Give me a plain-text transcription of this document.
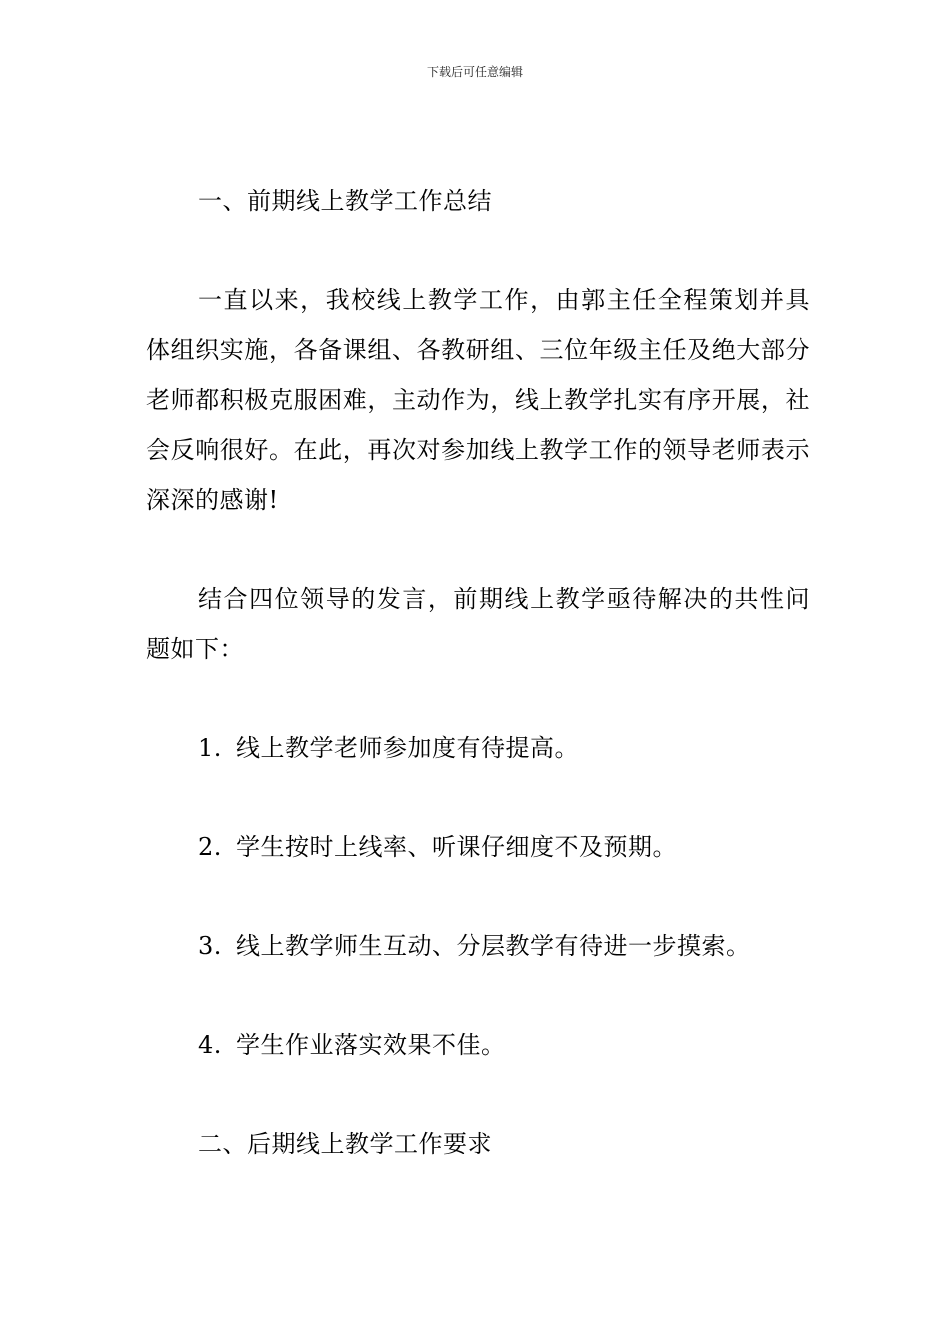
下载后可任意编辑

一、前期线上教学工作总结

一直以来，我校线上教学工作，由郭主任全程策划并具体组织实施，各备课组、各教研组、三位年级主任及绝大部分老师都积极克服困难，主动作为，线上教学扎实有序开展，社会反响很好。在此，再次对参加线上教学工作的领导老师表示深深的感谢!

结合四位领导的发言，前期线上教学亟待解决的共性问题如下：

1. 线上教学老师参加度有待提高。

2. 学生按时上线率、听课仔细度不及预期。

3. 线上教学师生互动、分层教学有待进一步摸索。

4. 学生作业落实效果不佳。

二、后期线上教学工作要求
